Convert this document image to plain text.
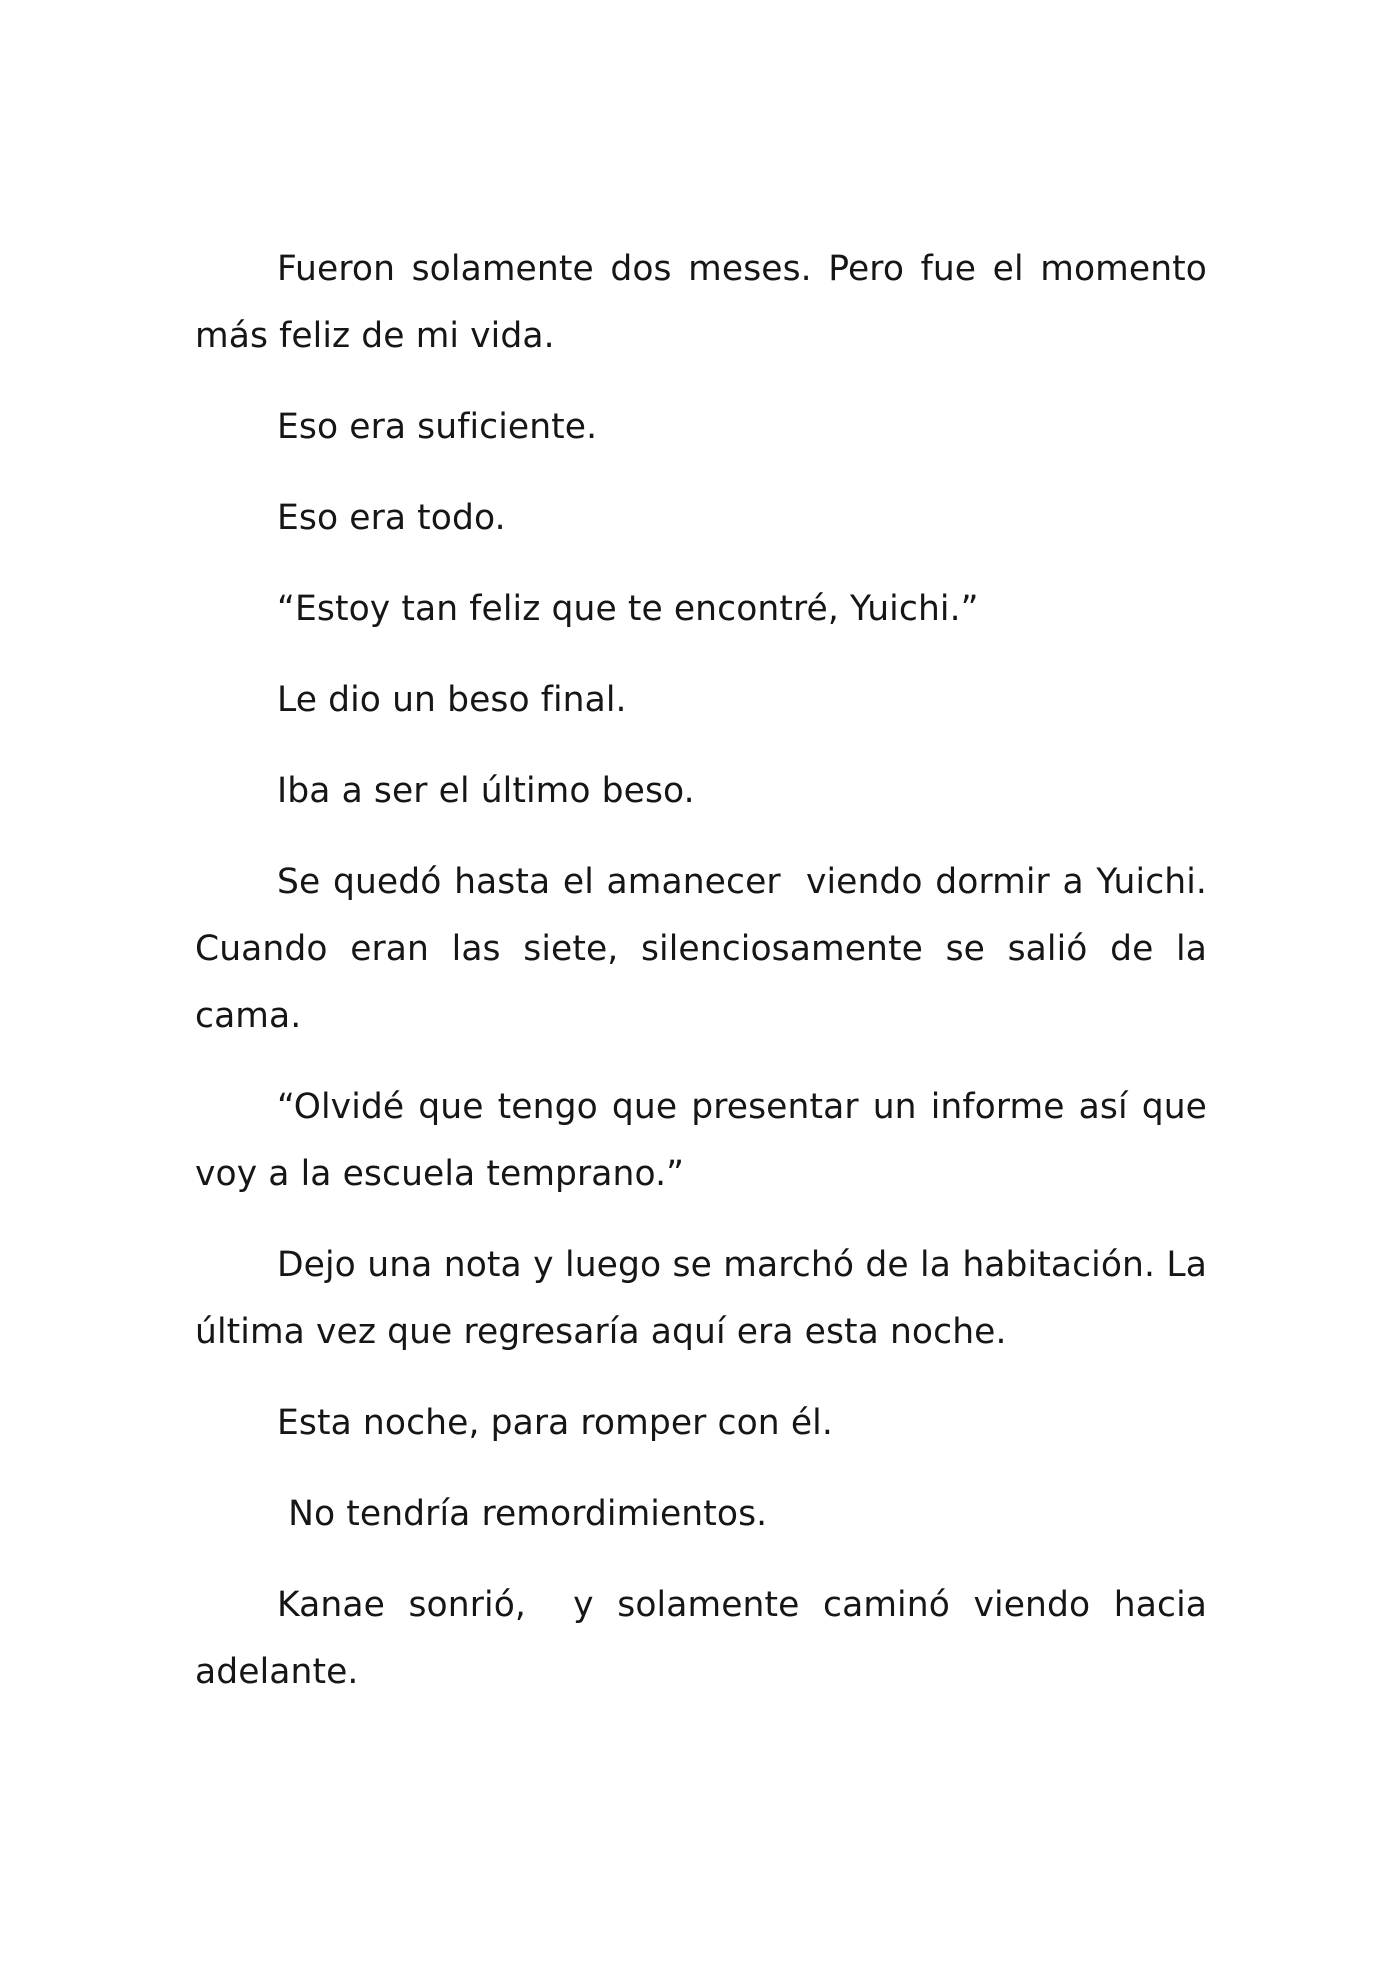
Fueron solamente dos meses. Pero fue el momento más feliz de mi vida.

Eso era suficiente.

Eso era todo.

“Estoy tan feliz que te encontré, Yuichi.”

Le dio un beso final.

Iba a ser el último beso.

Se quedó hasta el amanecer  viendo dormir a Yuichi. Cuando eran las siete, silenciosamente se salió de la cama.

“Olvidé que tengo que presentar un informe así que voy a la escuela temprano.”

Dejo una nota y luego se marchó de la habitación. La última vez que regresaría aquí era esta noche.

Esta noche, para romper con él.

No tendría remordimientos.

Kanae sonrió,  y solamente caminó viendo hacia adelante.
